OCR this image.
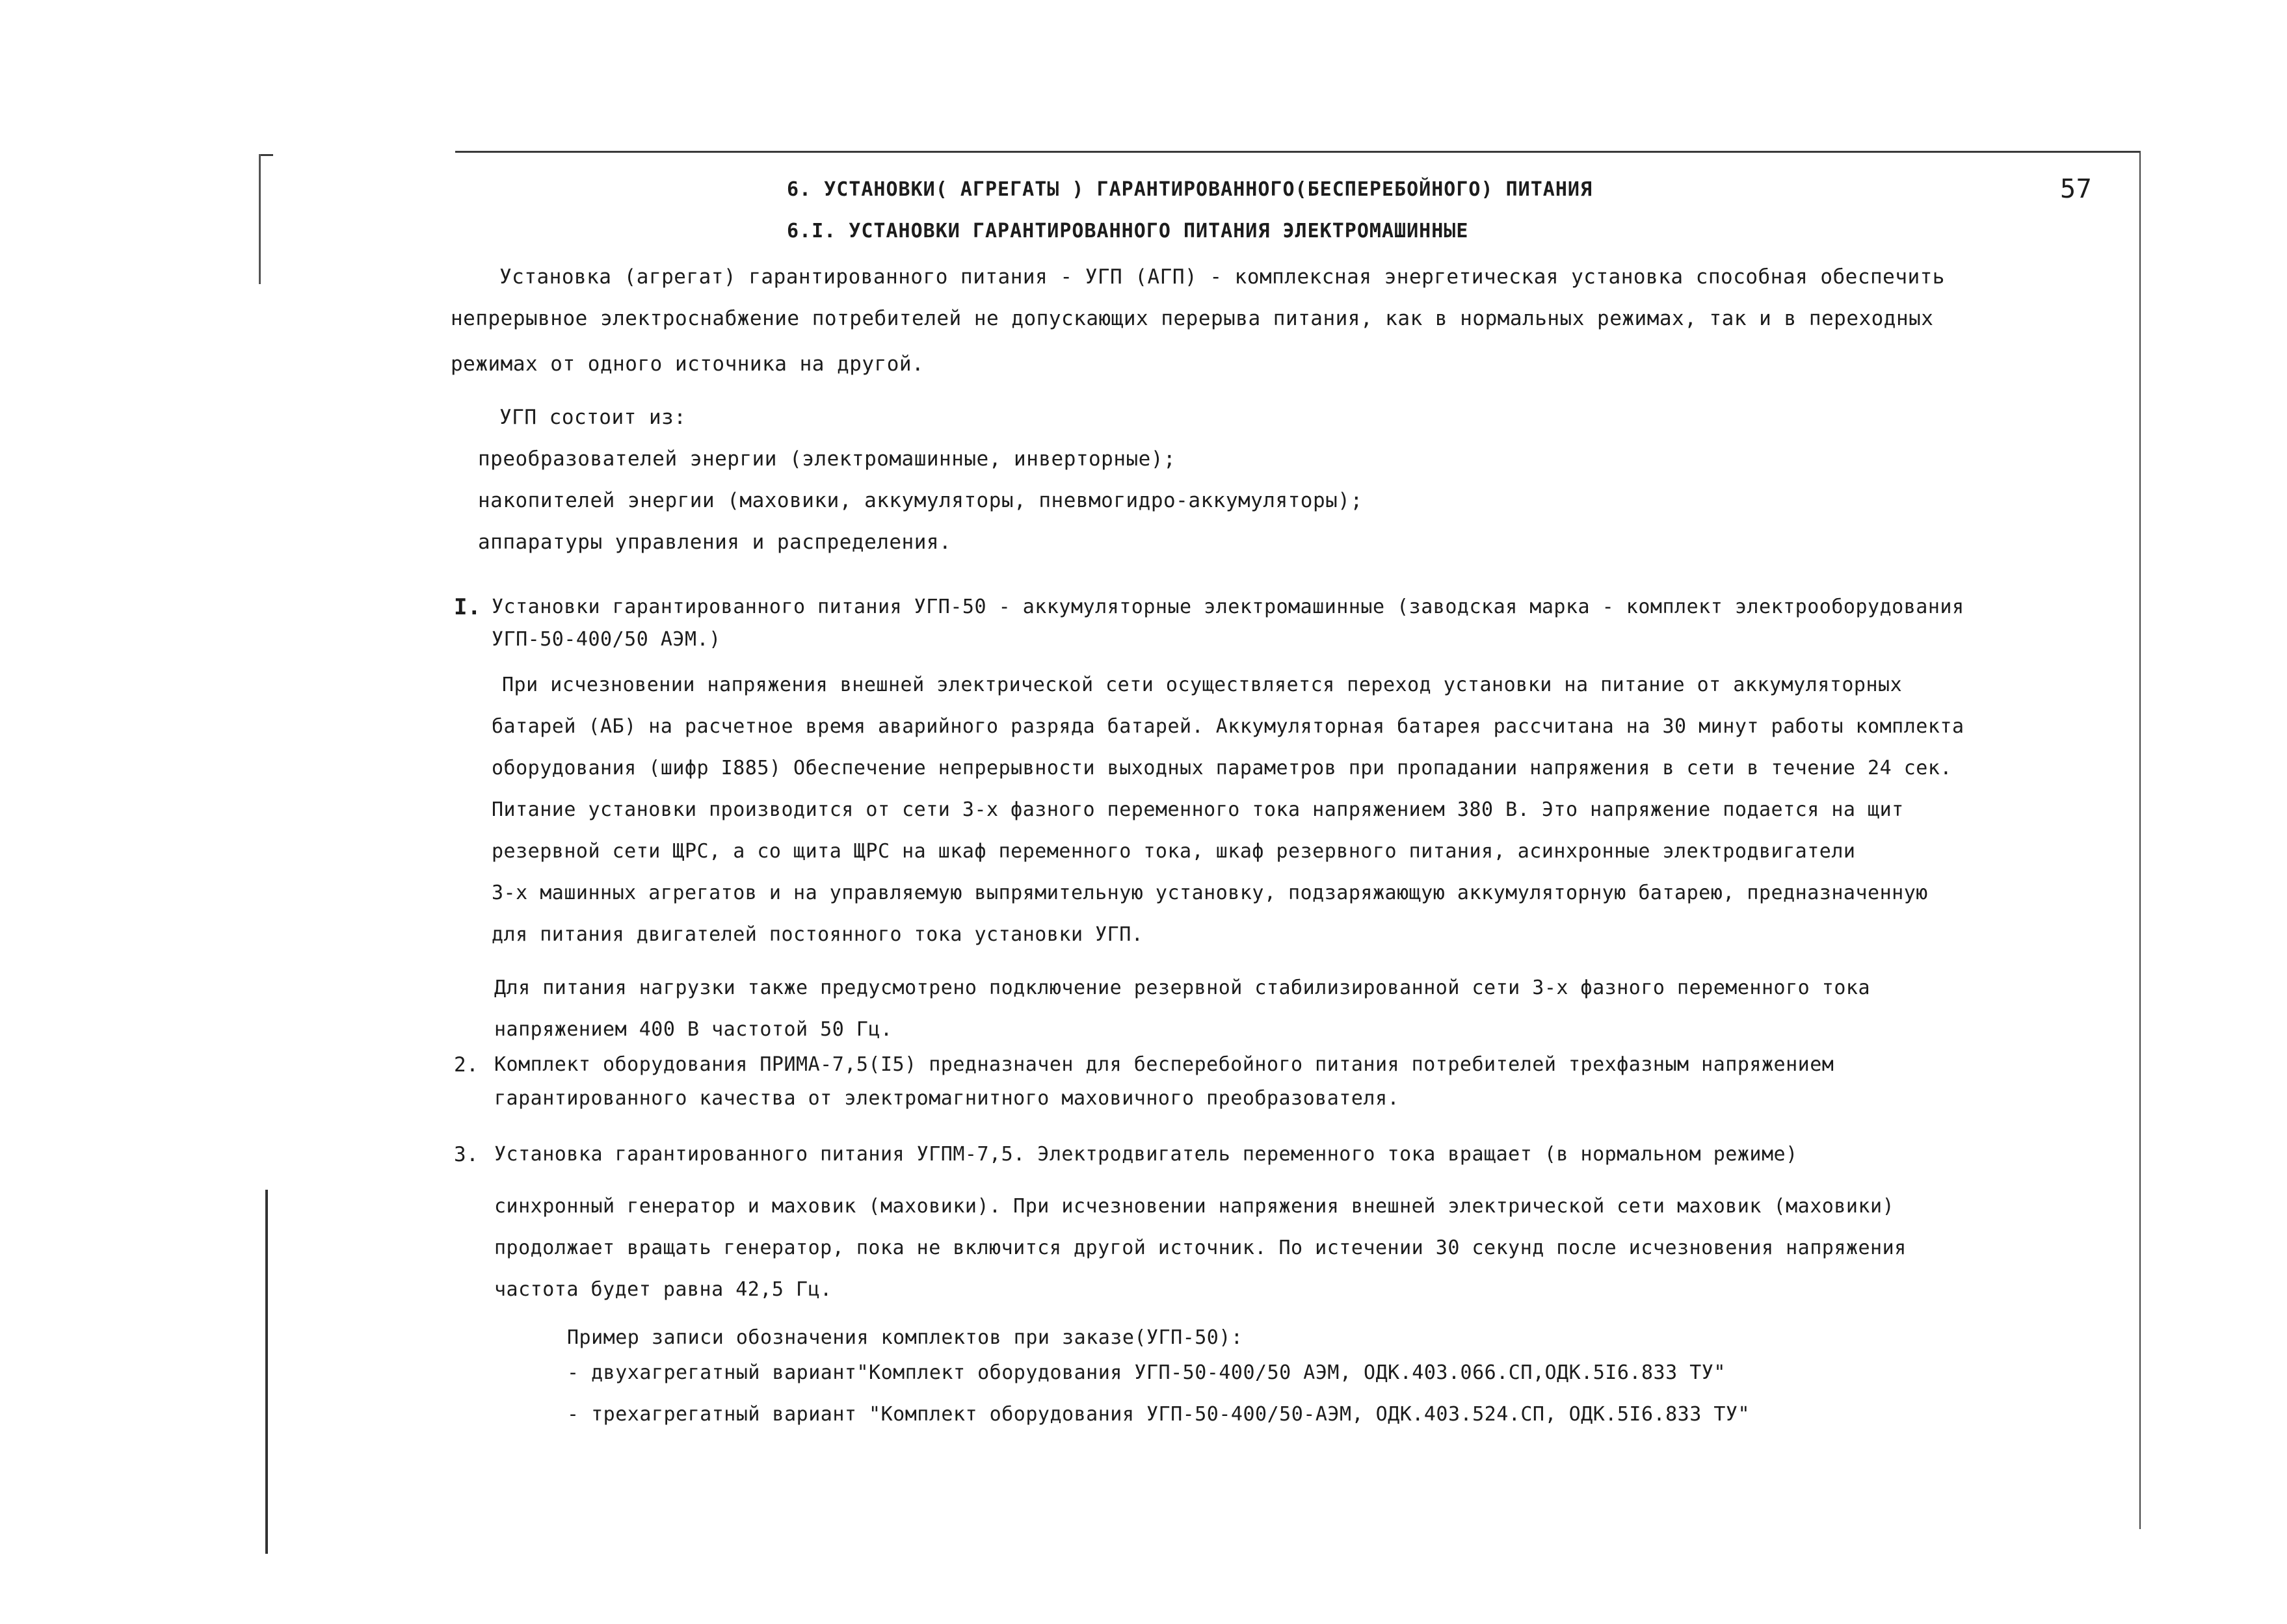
57
6. УСТАНОВКИ( АГРЕГАТЫ ) ГАРАНТИРОВАННОГО(БЕСПЕРЕБОЙНОГО) ПИТАНИЯ
6.I. УСТАНОВКИ ГАРАНТИРОВАННОГО ПИТАНИЯ ЭЛЕКТРОМАШИННЫЕ
Установка (агрегат) гарантированного питания - УГП (АГП) - комплексная энергетическая установка способная обеспечить
непрерывное электроснабжение потребителей не допускающих перерыва питания, как в нормальных режимах, так и в переходных
режимах от одного источника на другой.
УГП состоит из:
преобразователей энергии (электромашинные, инверторные);
накопителей энергии (маховики, аккумуляторы, пневмогидро-аккумуляторы);
аппаратуры управления и распределения.
I. Установки гарантированного питания УГП-50 - аккумуляторные электромашинные (заводская марка - комплект электрооборудования
УГП-50-400/50 АЭМ.)
При исчезновении напряжения внешней электрической сети осуществляется переход установки на питание от аккумуляторных
батарей (АБ) на расчетное время аварийного разряда батарей. Аккумуляторная батарея рассчитана на 30 минут работы комплекта
оборудования (шифр I885) Обеспечение непрерывности выходных параметров при пропадании напряжения в сети в течение 24 сек.
Питание установки производится от сети 3-х фазного переменного тока напряжением 380 В. Это напряжение подается на щит
резервной сети ЩРС, а со щита ЩРС на шкаф переменного тока, шкаф резервного питания, асинхронные электродвигатели
3-х машинных агрегатов и на управляемую выпрямительную установку, подзаряжающую аккумуляторную батарею, предназначенную
для питания двигателей постоянного тока установки УГП.
Для питания нагрузки также предусмотрено подключение резервной стабилизированной сети 3-х фазного переменного тока
напряжением 400 В частотой 50 Гц.
2. Комплект оборудования ПРИМА-7,5(I5) предназначен для бесперебойного питания потребителей трехфазным напряжением
гарантированного качества от электромагнитного маховичного преобразователя.
3. Установка гарантированного питания УГПМ-7,5. Электродвигатель переменного тока вращает (в нормальном режиме)
синхронный генератор и маховик (маховики). При исчезновении напряжения внешней электрической сети маховик (маховики)
продолжает вращать генератор, пока не включится другой источник. По истечении 30 секунд после исчезновения напряжения
частота будет равна 42,5 Гц.
Пример записи обозначения комплектов при заказе(УГП-50):
- двухагрегатный вариант"Комплект оборудования УГП-50-400/50 АЭМ, ОДК.403.066.СП,ОДК.5I6.833 ТУ"
- трехагрегатный вариант "Комплект оборудования УГП-50-400/50-АЭМ, ОДК.403.524.СП, ОДК.5I6.833 ТУ"
